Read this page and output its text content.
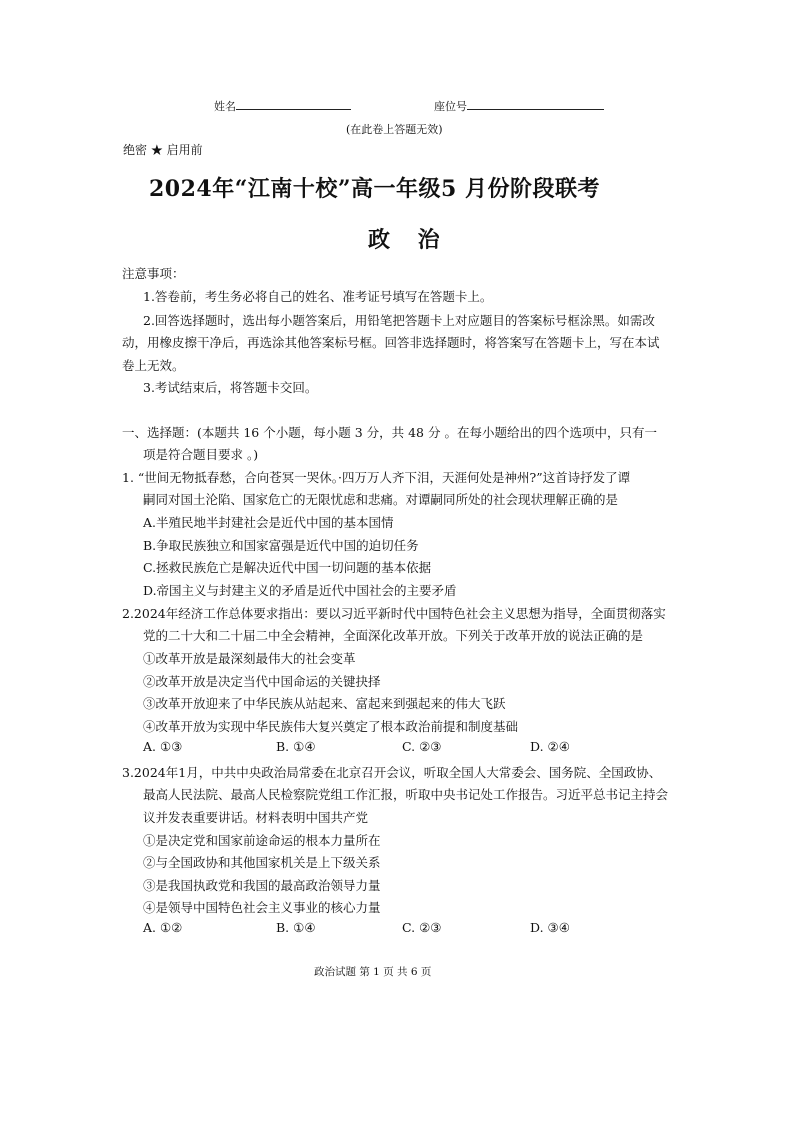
姓名	座位号
(在此卷上答题无效)
绝密 ★ 启用前
2024年“江南十校”高一年级5 月份阶段联考
政 治
注意事项：
1.答卷前，考生务必将自己的姓名、准考证号填写在答题卡上。
2.回答选择题时，选出每小题答案后，用铅笔把答题卡上对应题目的答案标号框涂黑。如需改
动，用橡皮擦干净后，再选涂其他答案标号框。回答非选择题时，将答案写在答题卡上，写在本试
卷上无效。
3.考试结束后，将答题卡交回。
一、选择题：(本题共 16 个小题，每小题 3 分，共 48 分 。在每小题给出的四个选项中，只有一
项是符合题目要求 。)
1. “世间无物抵春愁，合向苍冥一哭休。·四万万人齐下泪，天涯何处是神州?”这首诗抒发了谭
嗣同对国土沦陷、国家危亡的无限忧虑和悲痛。对谭嗣同所处的社会现状理解正确的是
A.半殖民地半封建社会是近代中国的基本国情
B.争取民族独立和国家富强是近代中国的迫切任务
C.拯救民族危亡是解决近代中国一切问题的基本依据
D.帝国主义与封建主义的矛盾是近代中国社会的主要矛盾
2.2024年经济工作总体要求指出：要以习近平新时代中国特色社会主义思想为指导，全面贯彻落实
党的二十大和二十届二中全会精神，全面深化改革开放。下列关于改革开放的说法正确的是
①改革开放是最深刻最伟大的社会变革
②改革开放是决定当代中国命运的关键抉择
③改革开放迎来了中华民族从站起来、富起来到强起来的伟大飞跃
④改革开放为实现中华民族伟大复兴奠定了根本政治前提和制度基础
A. ①③	B. ①④	C. ②③	D. ②④
3.2024年1月，中共中央政治局常委在北京召开会议，听取全国人大常委会、国务院、全国政协、
最高人民法院、最高人民检察院党组工作汇报，听取中央书记处工作报告。习近平总书记主持会
议并发表重要讲话。材料表明中国共产党
①是决定党和国家前途命运的根本力量所在
②与全国政协和其他国家机关是上下级关系
③是我国执政党和我国的最高政治领导力量
④是领导中国特色社会主义事业的核心力量
A. ①②	B. ①④	C. ②③	D. ③④
政治试题 第 1 页 共 6 页
